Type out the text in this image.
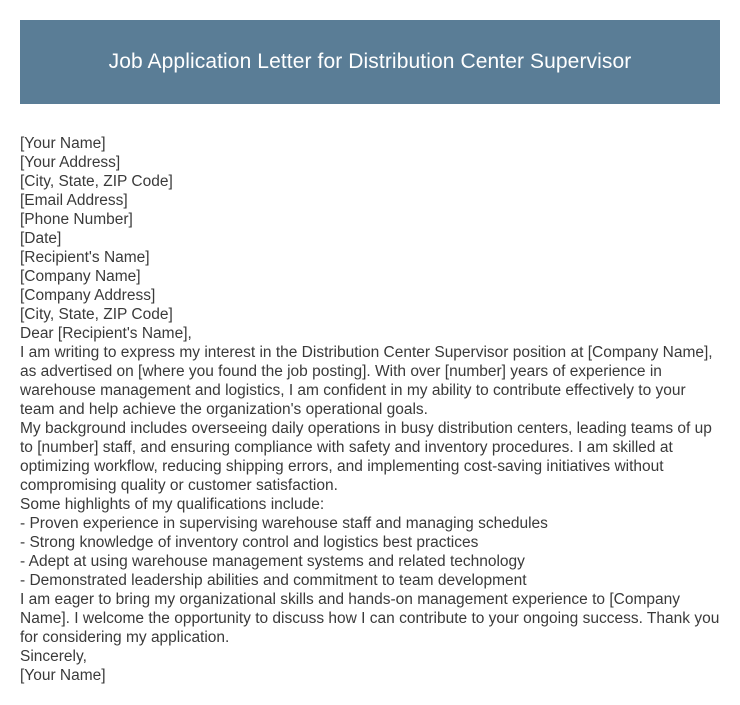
Job Application Letter for Distribution Center Supervisor

[Your Name]

[Your Address]

[City, State, ZIP Code]

[Email Address]

[Phone Number]

[Date]

[Recipient's Name]

[Company Name]

[Company Address]

[City, State, ZIP Code]

Dear [Recipient's Name],

I am writing to express my interest in the Distribution Center Supervisor position at [Company Name], as advertised on [where you found the job posting]. With over [number] years of experience in warehouse management and logistics, I am confident in my ability to contribute effectively to your team and help achieve the organization's operational goals.

My background includes overseeing daily operations in busy distribution centers, leading teams of up to [number] staff, and ensuring compliance with safety and inventory procedures. I am skilled at optimizing workflow, reducing shipping errors, and implementing cost-saving initiatives without compromising quality or customer satisfaction.

Some highlights of my qualifications include:

- Proven experience in supervising warehouse staff and managing schedules
- Strong knowledge of inventory control and logistics best practices
- Adept at using warehouse management systems and related technology
- Demonstrated leadership abilities and commitment to team development

I am eager to bring my organizational skills and hands-on management experience to [Company Name]. I welcome the opportunity to discuss how I can contribute to your ongoing success. Thank you for considering my application.

Sincerely,

[Your Name]
